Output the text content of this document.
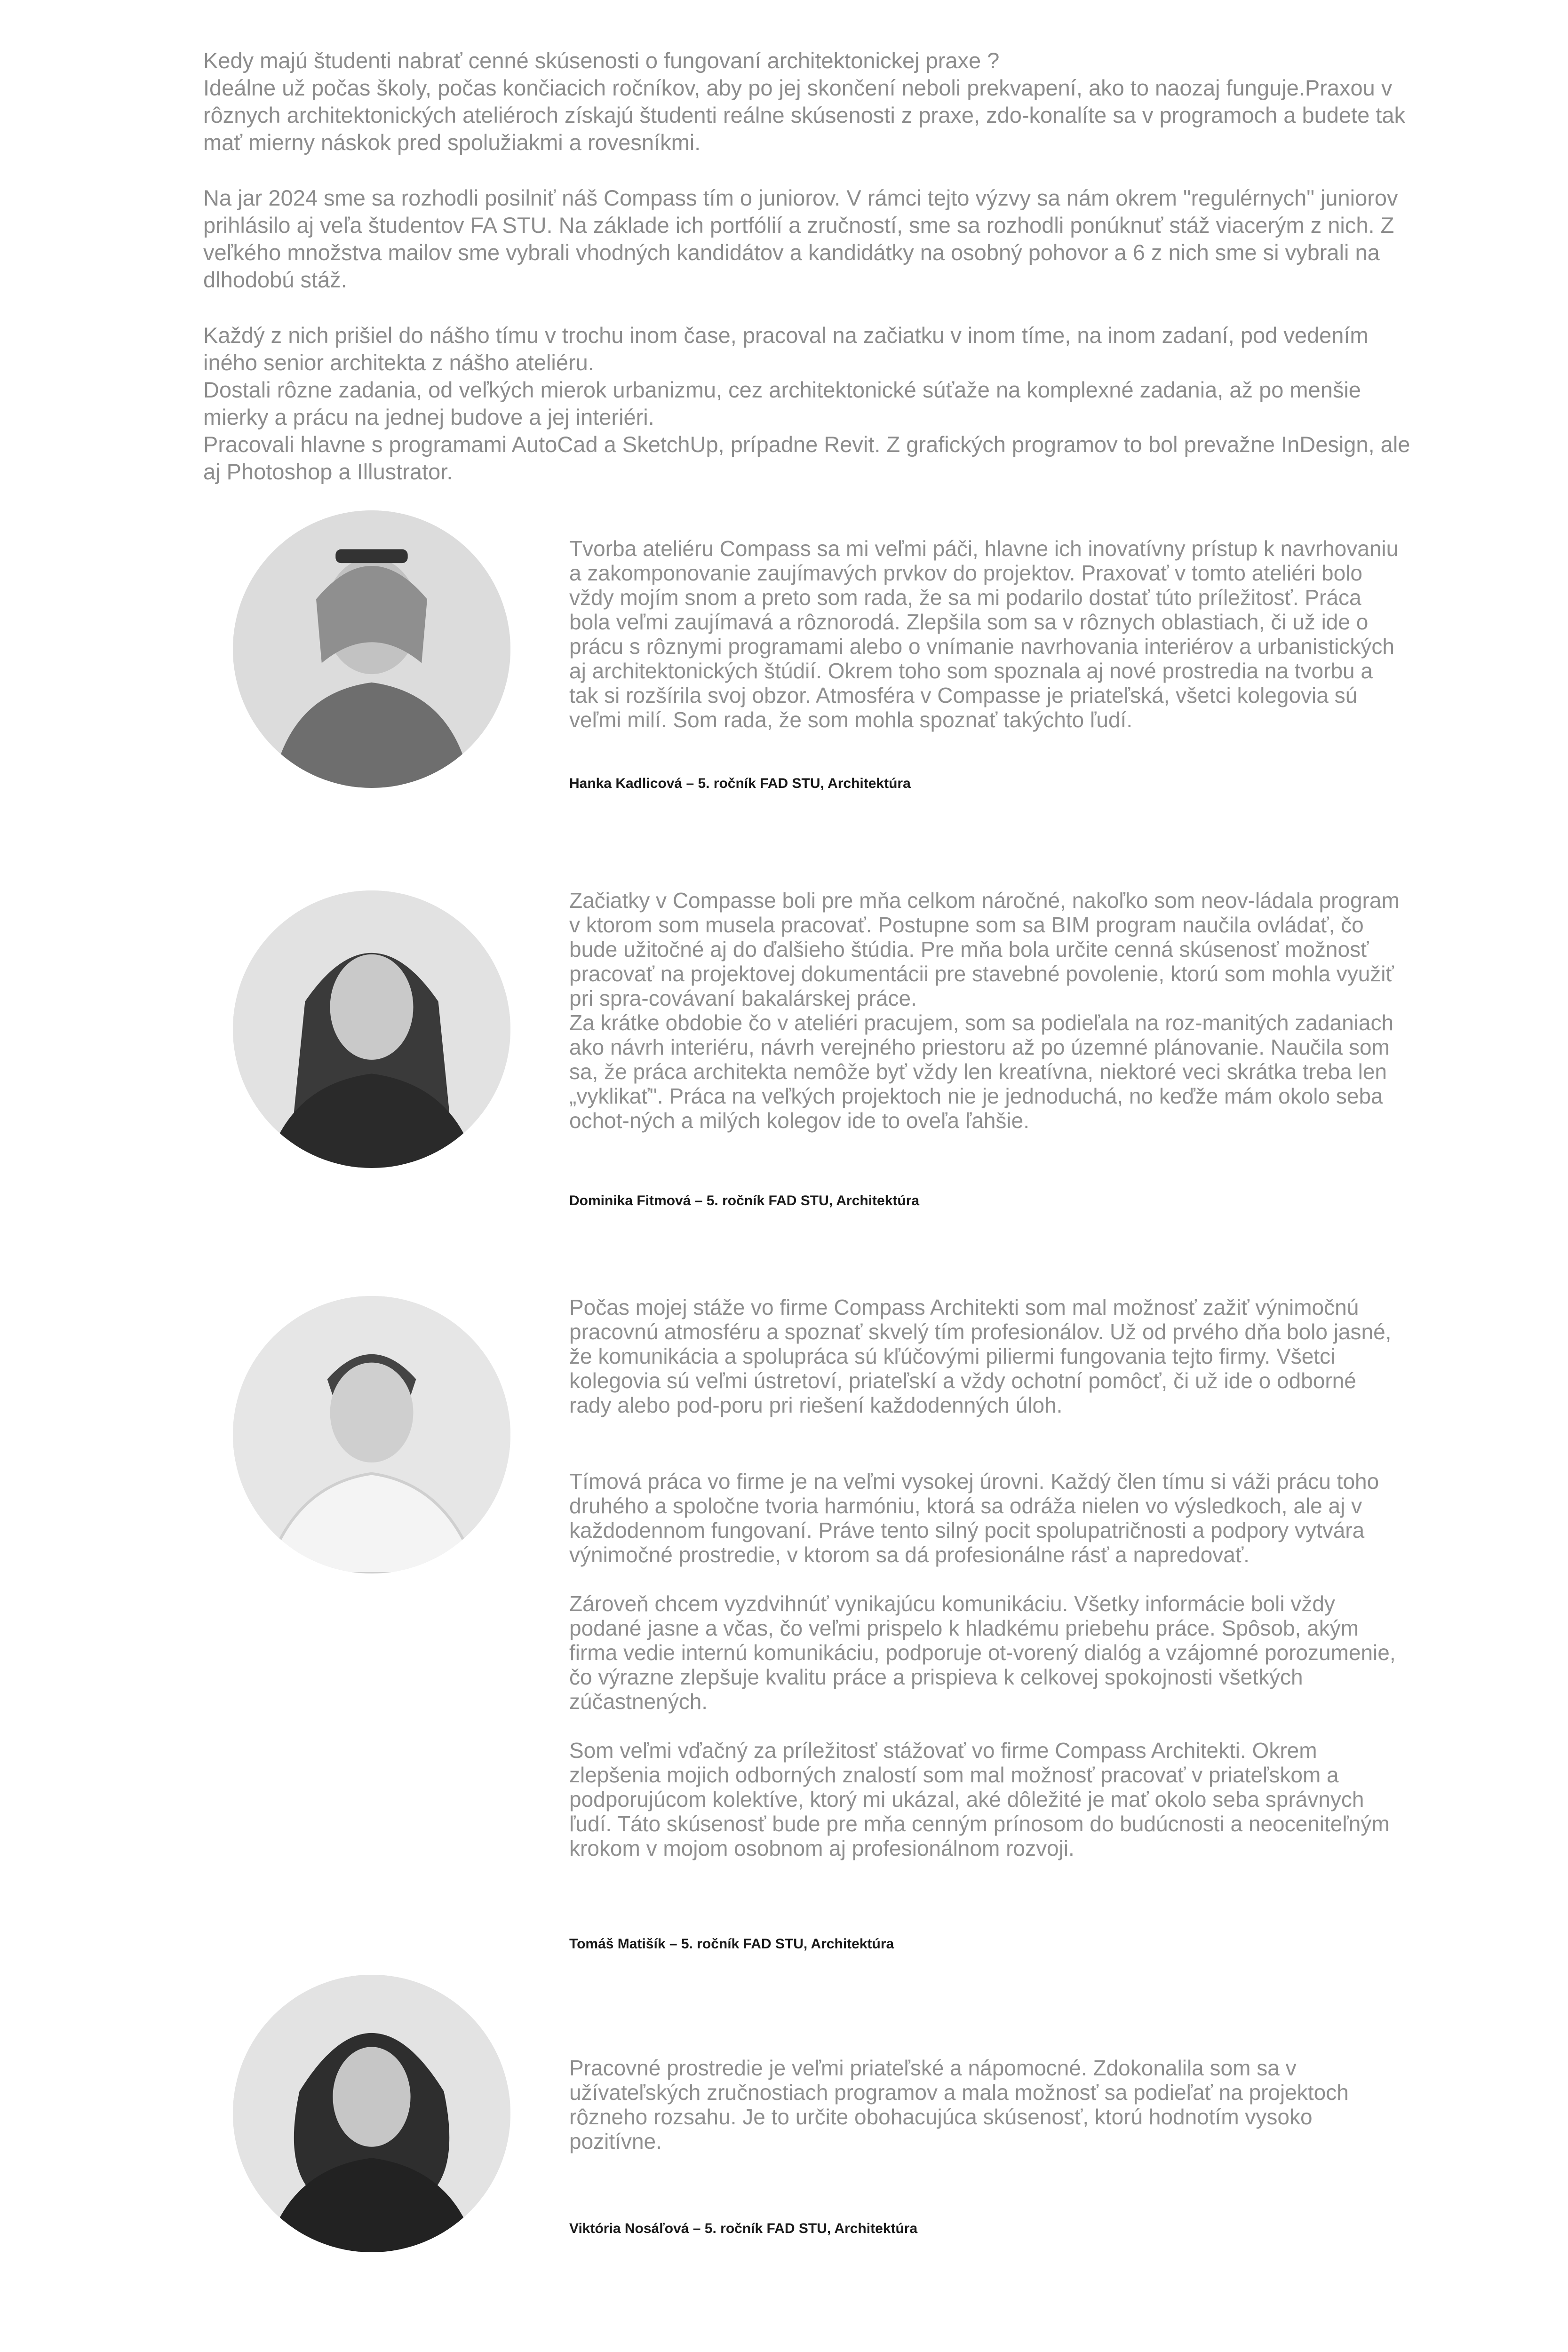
Kedy majú študenti nabrať cenné skúsenosti o fungovaní architektonickej praxe ?

Ideálne už počas školy, počas končiacich ročníkov, aby po jej skončení neboli prekvapení, ako to naozaj funguje.Praxou v rôznych architektonických ateliéroch získajú študenti reálne skúsenosti z praxe, zdo-konalíte sa v programoch a budete tak mať mierny náskok pred spolužiakmi a rovesníkmi.

Na jar 2024 sme sa rozhodli posilniť náš Compass tím o juniorov. V rámci tejto výzvy sa nám okrem "regulérnych" juniorov prihlásilo aj veľa študentov FA STU. Na základe ich portfólií a zručností, sme sa rozhodli ponúknuť stáž viacerým z nich. Z veľkého množstva mailov sme vybrali vhodných kandidátov a kandidátky na osobný pohovor a 6 z nich sme si vybrali na dlhodobú stáž.

Každý z nich prišiel do nášho tímu v trochu inom čase, pracoval na začiatku v inom tíme, na inom zadaní, pod vedením iného senior architekta z nášho ateliéru.
Dostali rôzne zadania, od veľkých mierok urbanizmu, cez architektonické súťaže na komplexné zadania, až po menšie mierky a prácu na jednej budove a jej interiéri.
Pracovali hlavne s programami AutoCad a SketchUp, prípadne Revit. Z grafických programov to bol prevažne InDesign, ale aj Photoshop a Illustrator.

Tvorba ateliéru Compass sa mi veľmi páči, hlavne ich inovatívny prístup k navrhovaniu a zakomponovanie zaujímavých prvkov do projektov. Praxovať v tomto ateliéri bolo vždy mojím snom a preto som rada, že sa mi podarilo dostať túto príležitosť. Práca bola veľmi zaujímavá a rôznorodá. Zlepšila som sa v rôznych oblastiach, či už ide o prácu s rôznymi programami alebo o vnímanie navrhovania interiérov a urbanistických aj architektonických štúdií. Okrem toho som spoznala aj nové prostredia na tvorbu a tak si rozšírila svoj obzor. Atmosféra v Compasse je priateľská, všetci kolegovia sú veľmi milí. Som rada, že som mohla spoznať takýchto ľudí.

Hanka Kadlicová – 5. ročník FAD STU, Architektúra

Začiatky v Compasse boli pre mňa celkom náročné, nakoľko som neov-ládala program v ktorom som musela pracovať. Postupne som sa BIM program naučila ovládať, čo bude užitočné aj do ďalšieho štúdia. Pre mňa bola určite cenná skúsenosť možnosť pracovať na projektovej dokumentácii pre stavebné povolenie, ktorú som mohla využiť pri spra-covávaní bakalárskej práce.
Za krátke obdobie čo v ateliéri pracujem, som sa podieľala na roz-manitých zadaniach ako návrh interiéru, návrh verejného priestoru až po územné plánovanie. Naučila som sa, že práca architekta nemôže byť vždy len kreatívna, niektoré veci skrátka treba len „vyklikať". Práca na veľkých projektoch nie je jednoduchá, no keďže mám okolo seba ochot-ných a milých kolegov ide to oveľa ľahšie.

Dominika Fitmová – 5. ročník FAD STU, Architektúra

Počas mojej stáže vo firme Compass Architekti som mal možnosť zažiť výnimočnú pracovnú atmosféru a spoznať skvelý tím profesionálov. Už od prvého dňa bolo jasné, že komunikácia a spolupráca sú kľúčovými piliermi fungovania tejto firmy. Všetci kolegovia sú veľmi ústretoví, priateľskí a vždy ochotní pomôcť, či už ide o odborné rady alebo pod-poru pri riešení každodenných úloh.

Tímová práca vo firme je na veľmi vysokej úrovni. Každý člen tímu si váži prácu toho druhého a spoločne tvoria harmóniu, ktorá sa odráža nielen vo výsledkoch, ale aj v každodennom fungovaní. Práve tento silný pocit spolupatričnosti a podpory vytvára výnimočné prostredie, v ktorom sa dá profesionálne rásť a napredovať.

Zároveň chcem vyzdvihnúť vynikajúcu komunikáciu. Všetky informácie boli vždy podané jasne a včas, čo veľmi prispelo k hladkému priebehu práce. Spôsob, akým firma vedie internú komunikáciu, podporuje ot-vorený dialóg a vzájomné porozumenie, čo výrazne zlepšuje kvalitu práce a prispieva k celkovej spokojnosti všetkých zúčastnených.

Som veľmi vďačný za príležitosť stážovať vo firme Compass Architekti. Okrem zlepšenia mojich odborných znalostí som mal možnosť pracovať v priateľskom a podporujúcom kolektíve, ktorý mi ukázal, aké dôležité je mať okolo seba správnych ľudí. Táto skúsenosť bude pre mňa cenným prínosom do budúcnosti a neoceniteľným krokom v mojom osobnom aj profesionálnom rozvoji.

Tomáš Matišík – 5. ročník FAD STU, Architektúra

Pracovné prostredie je veľmi priateľské a nápomocné. Zdokonalila som sa v užívateľských zručnostiach programov a mala možnosť sa podieľať na projektoch rôzneho rozsahu. Je to určite obohacujúca skúsenosť, ktorú hodnotím vysoko pozitívne.

Viktória Nosáľová – 5. ročník FAD STU, Architektúra
